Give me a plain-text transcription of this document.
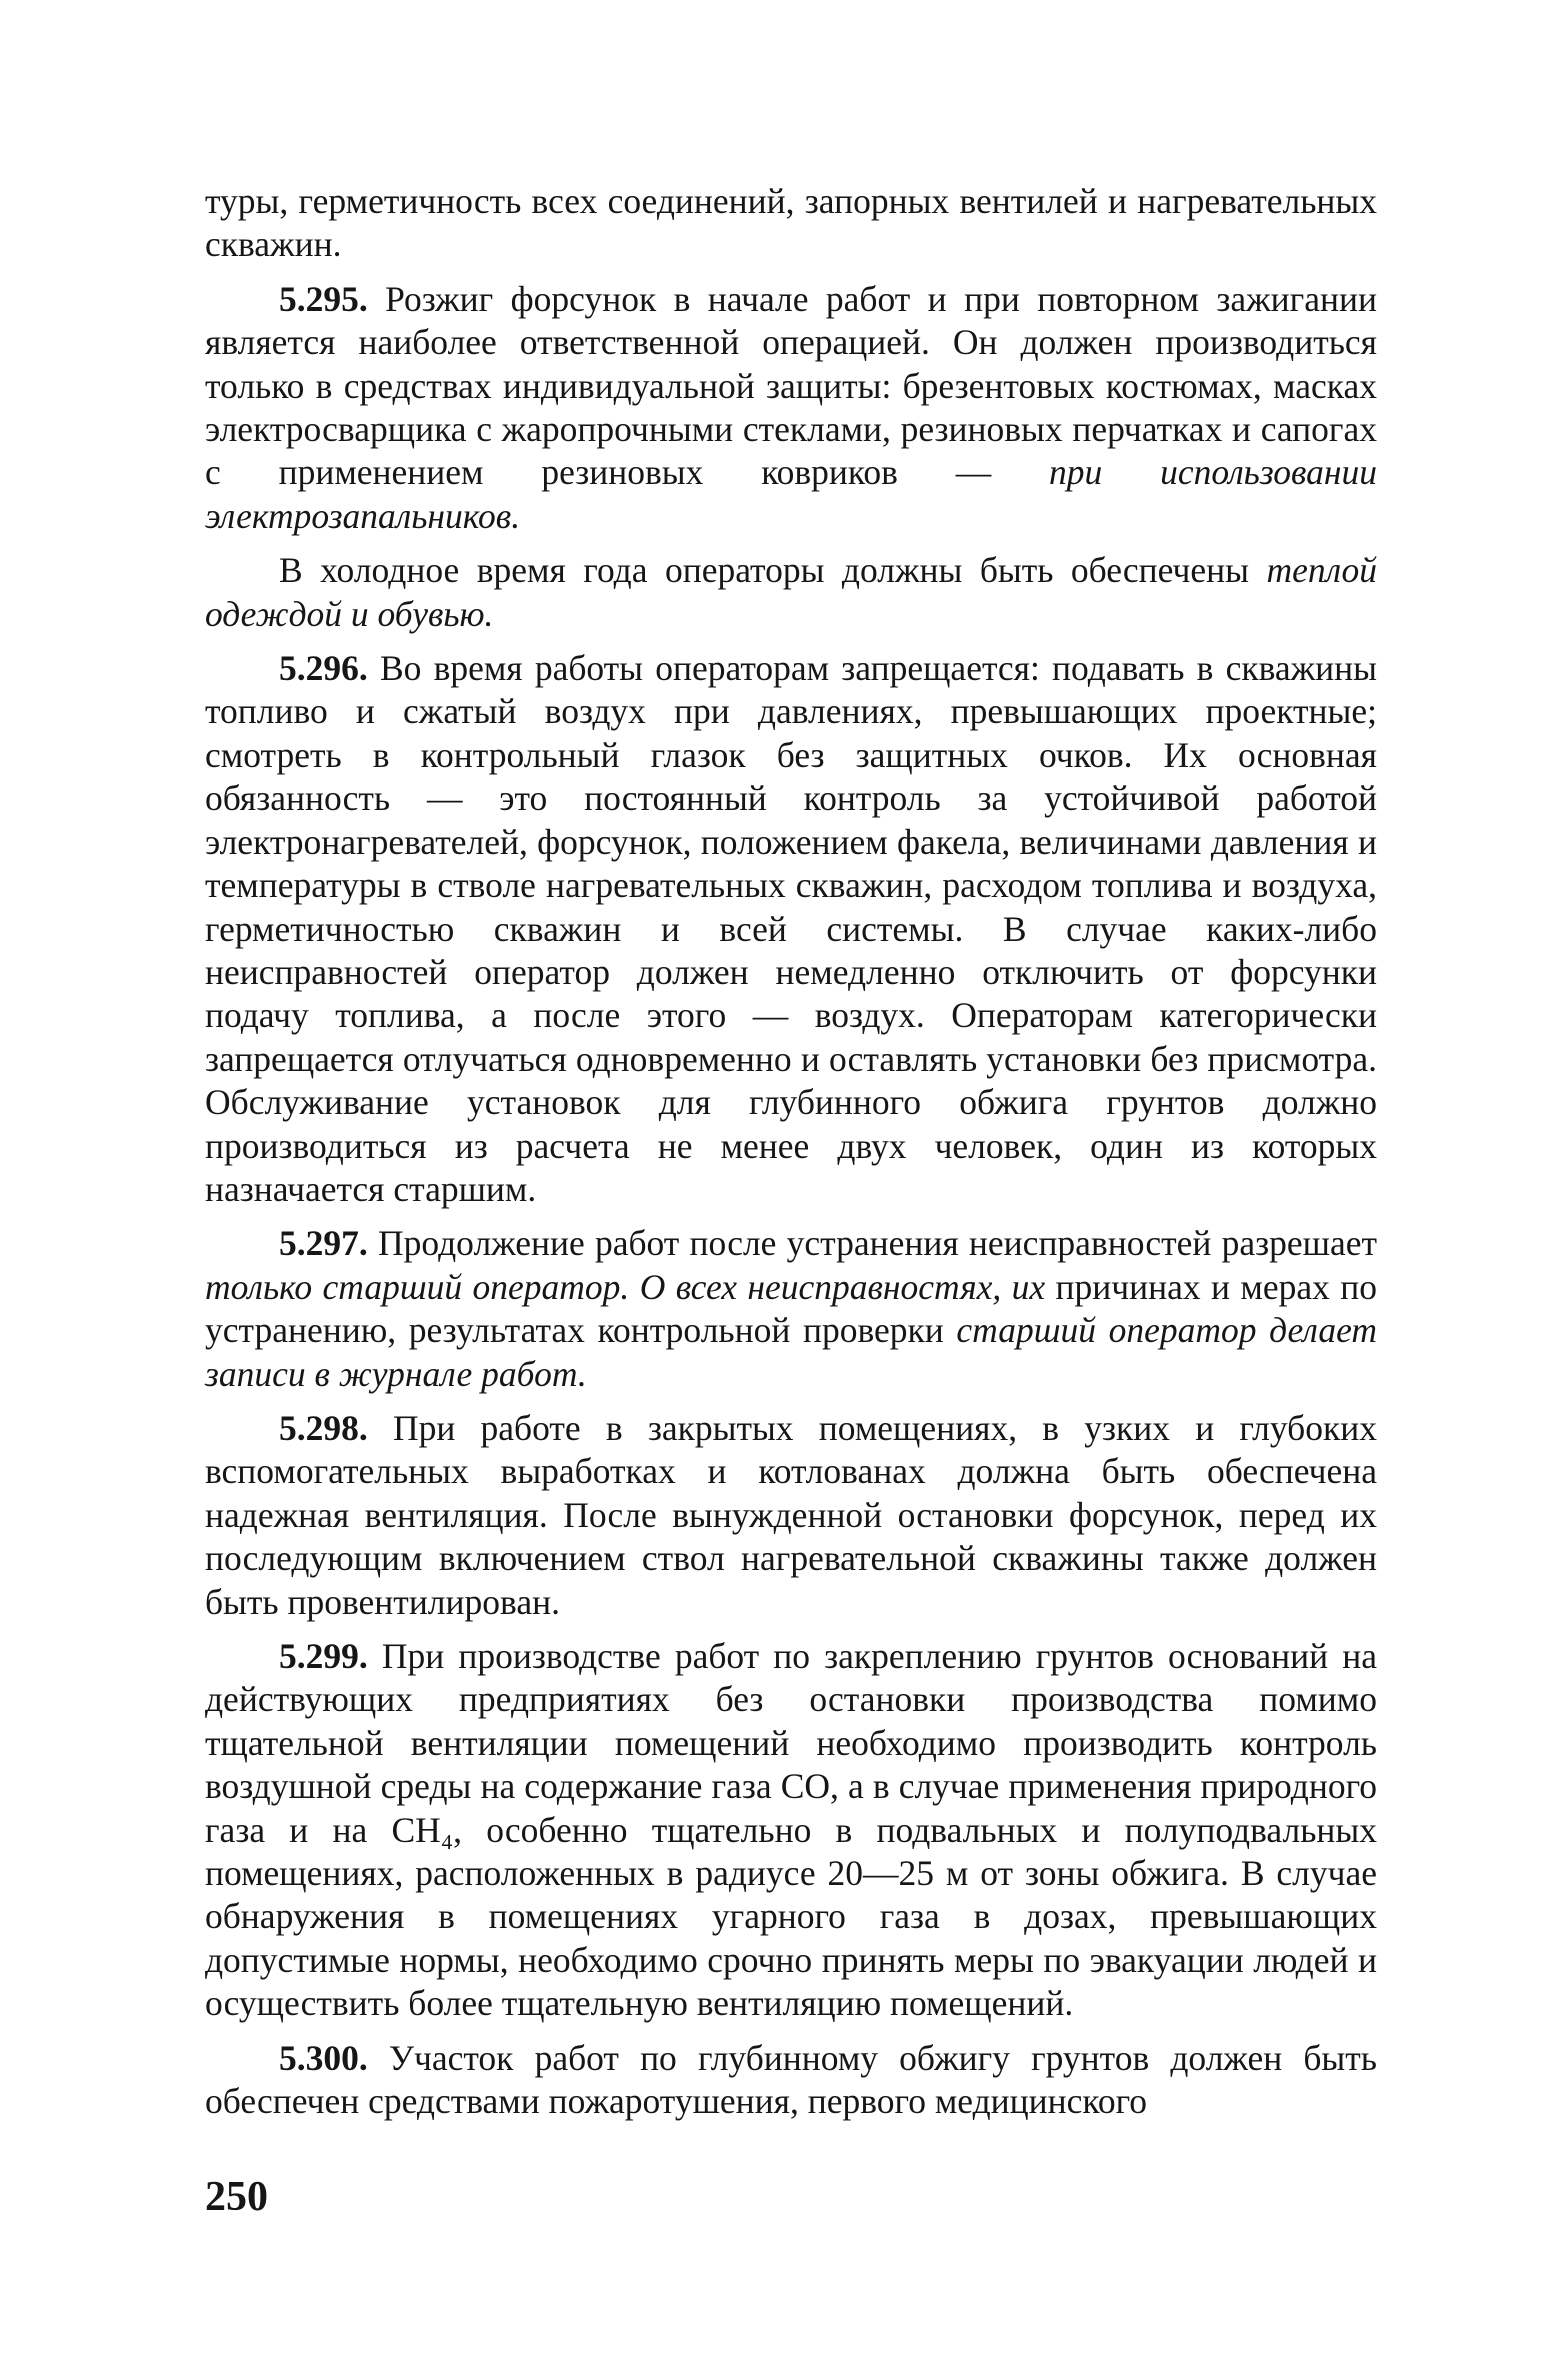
туры, герметичность всех соединений, запорных вентилей и нагревательных скважин.

5.295. Розжиг форсунок в начале работ и при повторном зажигании является наиболее ответственной операцией. Он должен производиться только в средствах индивидуальной защиты: брезентовых костюмах, масках электросварщика с жаропрочными стеклами, резиновых перчатках и сапогах с применением резиновых ковриков — при использовании электрозапальников.

В холодное время года операторы должны быть обеспечены теплой одеждой и обувью.

5.296. Во время работы операторам запрещается: подавать в скважины топливо и сжатый воздух при давлениях, превышающих проектные; смотреть в контрольный глазок без защитных очков. Их основная обязанность — это постоянный контроль за устойчивой работой электронагревателей, форсунок, положением факела, величинами давления и температуры в стволе нагревательных скважин, расходом топлива и воздуха, герметичностью скважин и всей системы. В случае каких-либо неисправностей оператор должен немедленно отключить от форсунки подачу топлива, а после этого — воздух. Операторам категорически запрещается отлучаться одновременно и оставлять установки без присмотра. Обслуживание установок для глубинного обжига грунтов должно производиться из расчета не менее двух человек, один из которых назначается старшим.

5.297. Продолжение работ после устранения неисправностей разрешает только старший оператор. О всех неисправностях, их причинах и мерах по устранению, результатах контрольной проверки старший оператор делает записи в журнале работ.

5.298. При работе в закрытых помещениях, в узких и глубоких вспомогательных выработках и котлованах должна быть обеспечена надежная вентиляция. После вынужденной остановки форсунок, перед их последующим включением ствол нагревательной скважины также должен быть провентилирован.

5.299. При производстве работ по закреплению грунтов оснований на действующих предприятиях без остановки производства помимо тщательной вентиляции помещений необходимо производить контроль воздушной среды на содержание газа СО, а в случае применения природного газа и на СН₄, особенно тщательно в подвальных и полуподвальных помещениях, расположенных в радиусе 20—25 м от зоны обжига. В случае обнаружения в помещениях угарного газа в дозах, превышающих допустимые нормы, необходимо срочно принять меры по эвакуации людей и осуществить более тщательную вентиляцию помещений.

5.300. Участок работ по глубинному обжигу грунтов должен быть обеспечен средствами пожаротушения, первого медицинского

250
